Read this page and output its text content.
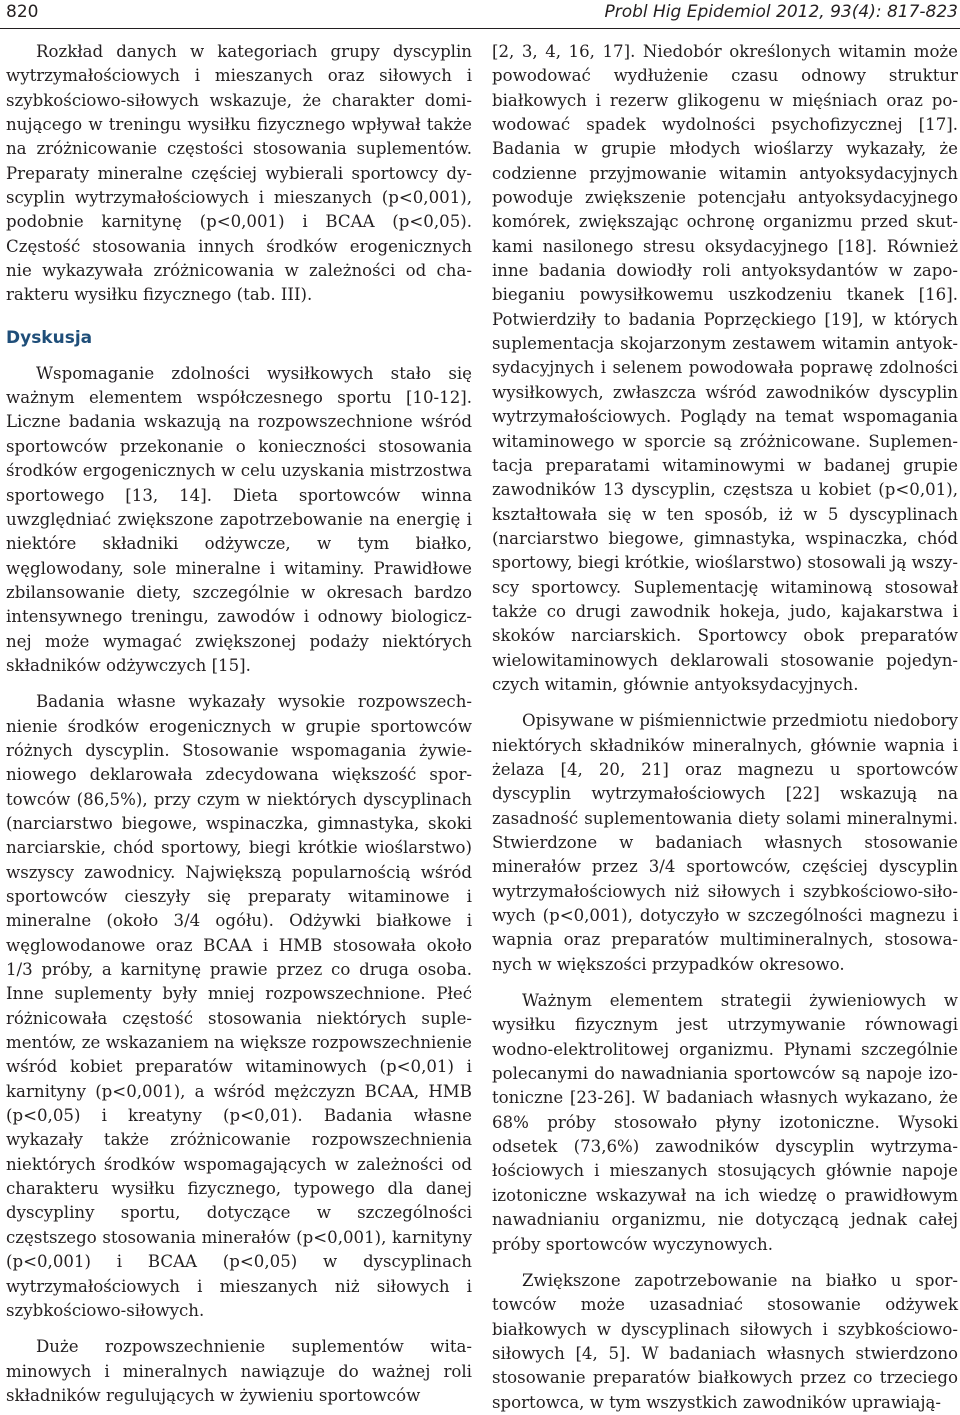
820	Probl Hig Epidemiol 2012, 93(4): 817-823

Rozkład danych w kategoriach grupy dyscyplin wytrzymałościowych i mieszanych oraz siłowych i szybkościowo-siłowych wskazuje, że charakter dominującego w treningu wysiłku fizycznego wpływał także na zróżnicowanie częstości stosowania suplementów. Preparaty mineralne częściej wybierali sportowcy dyscyplin wytrzymałościowych i mieszanych (p<0,001), podobnie karnitynę (p<0,001) i BCAA (p<0,05). Częstość stosowania innych środków erogenicznych nie wykazywała zróżnicowania w zależności od charakteru wysiłku fizycznego (tab. III).

Dyskusja

Wspomaganie zdolności wysiłkowych stało się ważnym elementem współczesnego sportu [10-12]. Liczne badania wskazują na rozpowszechnione wśród sportowców przekonanie o konieczności stosowania środków ergogenicznych w celu uzyskania mistrzostwa sportowego [13, 14]. Dieta sportowców winna uwzględniać zwiększone zapotrzebowanie na energię i niektóre składniki odżywcze, w tym białko, węglowodany, sole mineralne i witaminy. Prawidłowe zbilansowanie diety, szczególnie w okresach bardzo intensywnego treningu, zawodów i odnowy biologicznej może wymagać zwiększonej podaży niektórych składników odżywczych [15].

Badania własne wykazały wysokie rozpowszechnienie środków erogenicznych w grupie sportowców różnych dyscyplin. Stosowanie wspomagania żywieniowego deklarowała zdecydowana większość sportowców (86,5%), przy czym w niektórych dyscyplinach (narciarstwo biegowe, wspinaczka, gimnastyka, skoki narciarskie, chód sportowy, biegi krótkie wioślarstwo) wszyscy zawodnicy. Największą popularnością wśród sportowców cieszyły się preparaty witaminowe i mineralne (około 3/4 ogółu). Odżywki białkowe i węglowodanowe oraz BCAA i HMB stosowała około 1/3 próby, a karnitynę prawie przez co druga osoba. Inne suplementy były mniej rozpowszechnione. Płeć różnicowała częstość stosowania niektórych suplementów, ze wskazaniem na większe rozpowszechnienie wśród kobiet preparatów witaminowych (p<0,01) i karnityny (p<0,001), a wśród mężczyzn BCAA, HMB (p<0,05) i kreatyny (p<0,01). Badania własne wykazały także zróżnicowanie rozpowszechnienia niektórych środków wspomagających w zależności od charakteru wysiłku fizycznego, typowego dla danej dyscypliny sportu, dotyczące w szczególności częstszego stosowania minerałów (p<0,001), karnityny (p<0,001) i BCAA (p<0,05) w dyscyplinach wytrzymałościowych i mieszanych niż siłowych i szybkościowo-siłowych.

Duże rozpowszechnienie suplementów witaminowych i mineralnych nawiązuje do ważnej roli składników regulujących w żywieniu sportowców

[2, 3, 4, 16, 17]. Niedobór określonych witamin może powodować wydłużenie czasu odnowy struktur białkowych i rezerw glikogenu w mięśniach oraz powodować spadek wydolności psychofizycznej [17]. Badania w grupie młodych wioślarzy wykazały, że codzienne przyjmowanie witamin antyoksydacyjnych powoduje zwiększenie potencjału antyoksydacyjnego komórek, zwiększając ochronę organizmu przed skutkami nasilonego stresu oksydacyjnego [18]. Również inne badania dowiodły roli antyoksydantów w zapobieganiu powysiłkowemu uszkodzeniu tkanek [16]. Potwierdziły to badania Poprzęckiego [19], w których suplementacja skojarzonym zestawem witamin antyoksydacyjnych i selenem powodowała poprawę zdolności wysiłkowych, zwłaszcza wśród zawodników dyscyplin wytrzymałościowych. Poglądy na temat wspomagania witaminowego w sporcie są zróżnicowane. Suplementacja preparatami witaminowymi w badanej grupie zawodników 13 dyscyplin, częstsza u kobiet (p<0,01), kształtowała się w ten sposób, iż w 5 dyscyplinach (narciarstwo biegowe, gimnastyka, wspinaczka, chód sportowy, biegi krótkie, wioślarstwo) stosowali ją wszyscy sportowcy. Suplementację witaminową stosował także co drugi zawodnik hokeja, judo, kajakarstwa i skoków narciarskich. Sportowcy obok preparatów wielowitaminowych deklarowali stosowanie pojedynczych witamin, głównie antyoksydacyjnych.

Opisywane w piśmiennictwie przedmiotu niedobory niektórych składników mineralnych, głównie wapnia i żelaza [4, 20, 21] oraz magnezu u sportowców dyscyplin wytrzymałościowych [22] wskazują na zasadność suplementowania diety solami mineralnymi. Stwierdzone w badaniach własnych stosowanie minerałów przez 3/4 sportowców, częściej dyscyplin wytrzymałościowych niż siłowych i szybkościowo-siłowych (p<0,001), dotyczyło w szczególności magnezu i wapnia oraz preparatów multimineralnych, stosowanych w większości przypadków okresowo.

Ważnym elementem strategii żywieniowych w wysiłku fizycznym jest utrzymywanie równowagi wodno-elektrolitowej organizmu. Płynami szczególnie polecanymi do nawadniania sportowców są napoje izotoniczne [23-26]. W badaniach własnych wykazano, że 68% próby stosowało płyny izotoniczne. Wysoki odsetek (73,6%) zawodników dyscyplin wytrzymałościowych i mieszanych stosujących głównie napoje izotoniczne wskazywał na ich wiedzę o prawidłowym nawadnianiu organizmu, nie dotyczącą jednak całej próby sportowców wyczynowych.

Zwiększone zapotrzebowanie na białko u sportowców może uzasadniać stosowanie odżywek białkowych w dyscyplinach siłowych i szybkościowo-siłowych [4, 5]. W badaniach własnych stwierdzono stosowanie preparatów białkowych przez co trzeciego sportowca, w tym wszystkich zawodników uprawiają-
